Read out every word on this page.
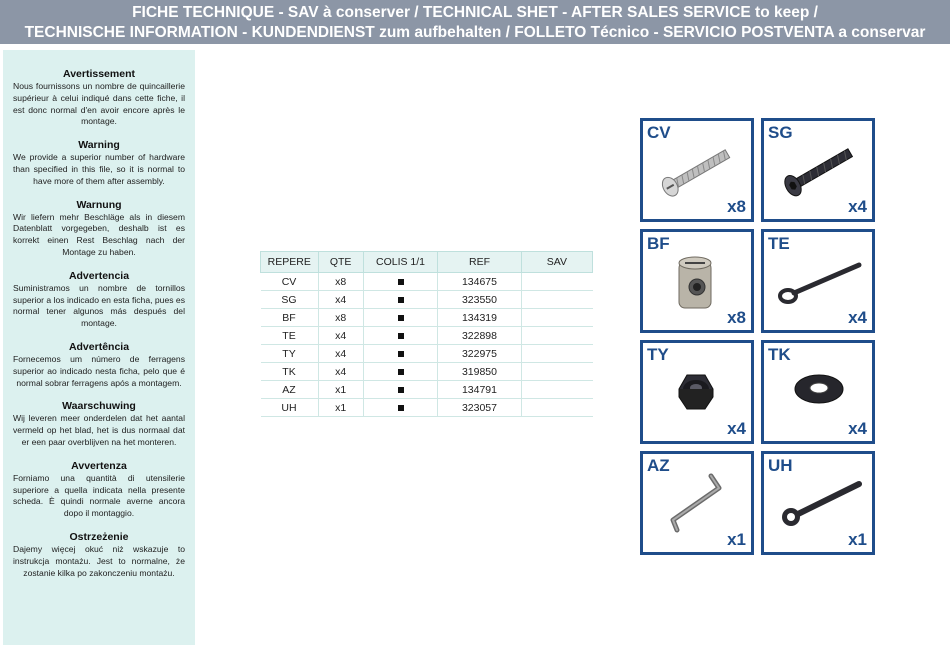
FICHE TECHNIQUE - SAV à conserver / TECHNICAL SHET - AFTER SALES SERVICE to keep /
TECHNISCHE INFORMATION - KUNDENDIENST zum aufbehalten / FOLLETO Técnico - SERVICIO POSTVENTA a conservar
Avertissement

Nous fournissons un nombre de quincaillerie supérieur à celui indiqué dans cette fiche, il est donc normal d'en avoir encore après le montage.

Warning

We provide a superior number of hardware than specified in this file, so it is normal to have more of them after assembly.

Warnung

Wir liefern mehr Beschläge als in diesem Datenblatt vorgegeben, deshalb ist es korrekt einen Rest Beschlag nach der Montage zu haben.

Advertencia

Suministramos un nombre de tornillos superior a los indicado en esta ficha, pues es normal tener algunos más después del montage.

Advertência

Fornecemos um número de ferragens superior ao indicado nesta ficha, pelo que é normal sobrar ferragens após a montagem.

Waarschuwing

Wij leveren meer onderdelen dat het aantal vermeld op het blad, het is dus normaal dat er een paar overblijven na het monteren.

Avvertenza

Forniamo una quantità di utensilerie superiore a quella indicata nella presente scheda. È quindi normale averne ancora dopo il montaggio.

Ostrzeżenie

Dajemy więcej okuć niż wskazuje to instrukcja montażu. Jest to normalne, że zostanie kilka po zakonczeniu montażu.

REPERE	QTE	COLIS 1/1	REF	SAV
CV	x8		134675	
SG	x4		323550	
BF	x8		134319	
TE	x4		322898	
TY	x4		322975	
TK	x4		319850	
AZ	x1		134791	
UH	x1		323057	
CV
x8
SG
x4
BF
x8
TE
x4
TY
x4
TK
x4
AZ
x1
UH
x1
